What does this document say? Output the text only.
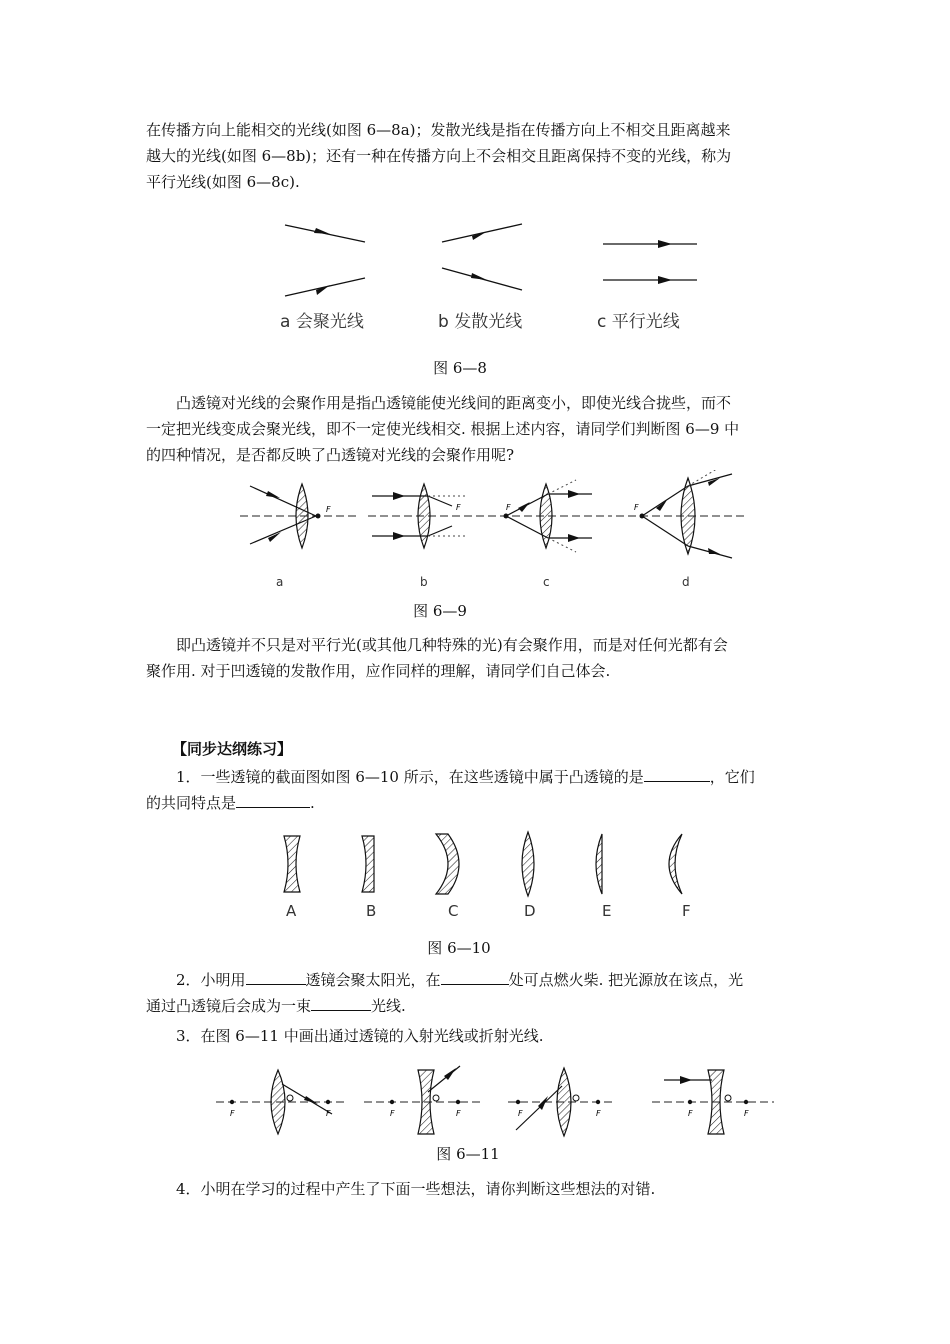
在传播方向上能相交的光线(如图 6—8a)；发散光线是指在传播方向上不相交且距离越来
越大的光线(如图 6—8b)；还有一种在传播方向上不会相交且距离保持不变的光线，称为
平行光线(如图 6—8c).
a 会聚光线	b 发散光线	c 平行光线
图 6—8
凸透镜对光线的会聚作用是指凸透镜能使光线间的距离变小，即使光线合拢些，而不
一定把光线变成会聚光线，即不一定使光线相交. 根据上述内容，请同学们判断图 6—9 中
的四种情况，是否都反映了凸透镜对光线的会聚作用呢?
F	F	F	F
a	b	c	d
图 6—9
即凸透镜并不只是对平行光(或其他几种特殊的光)有会聚作用，而是对任何光都有会
聚作用. 对于凹透镜的发散作用，应作同样的理解，请同学们自己体会.
【同步达纲练习】
1．一些透镜的截面图如图 6—10 所示，在这些透镜中属于凸透镜的是	，它们
的共同特点是	.
A	B	C	D	E	F
图 6—10
2．小明用	透镜会聚太阳光，在	处可点燃火柴. 把光源放在该点，光
通过凸透镜后会成为一束	光线.
3．在图 6—11 中画出通过透镜的入射光线或折射光线.
F	F	F	F	F	F	F	F
图 6—11
4．小明在学习的过程中产生了下面一些想法，请你判断这些想法的对错.
